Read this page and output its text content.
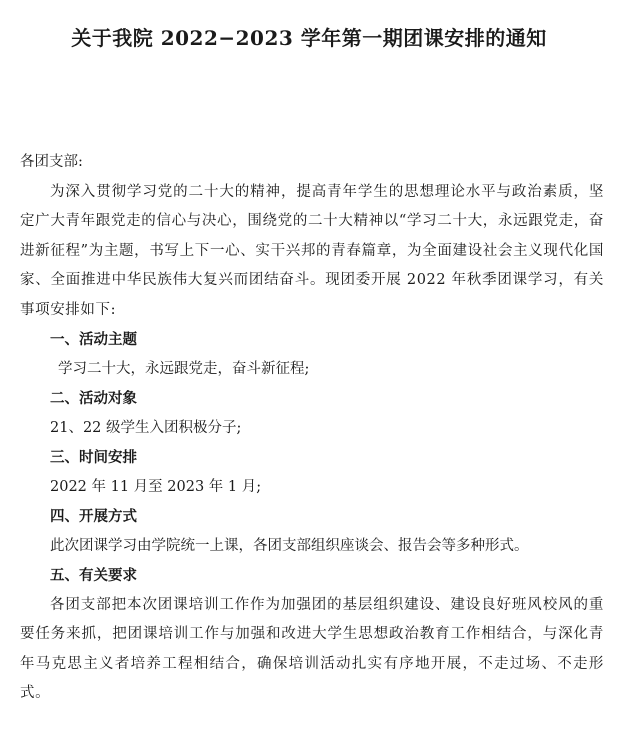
关于我院 2022−2023 学年第一期团课安排的通知

各团支部:

为深入贯彻学习党的二十大的精神，提高青年学生的思想理论水平与政治素质，坚定广大青年跟党走的信心与决心，围绕党的二十大精神以“学习二十大，永远跟党走，奋进新征程”为主题，书写上下一心、实干兴邦的青春篇章，为全面建设社会主义现代化国家、全面推进中华民族伟大复兴而团结奋斗。现团委开展 2022 年秋季团课学习，有关事项安排如下:

一、活动主题

学习二十大，永远跟党走，奋斗新征程;

二、活动对象

21、22 级学生入团积极分子;

三、时间安排

2022 年 11 月至 2023 年 1 月;

四、开展方式

此次团课学习由学院统一上课，各团支部组织座谈会、报告会等多种形式。

五、有关要求

各团支部把本次团课培训工作作为加强团的基层组织建设、建设良好班风校风的重要任务来抓，把团课培训工作与加强和改进大学生思想政治教育工作相结合，与深化青年马克思主义者培养工程相结合，确保培训活动扎实有序地开展，不走过场、不走形式。
